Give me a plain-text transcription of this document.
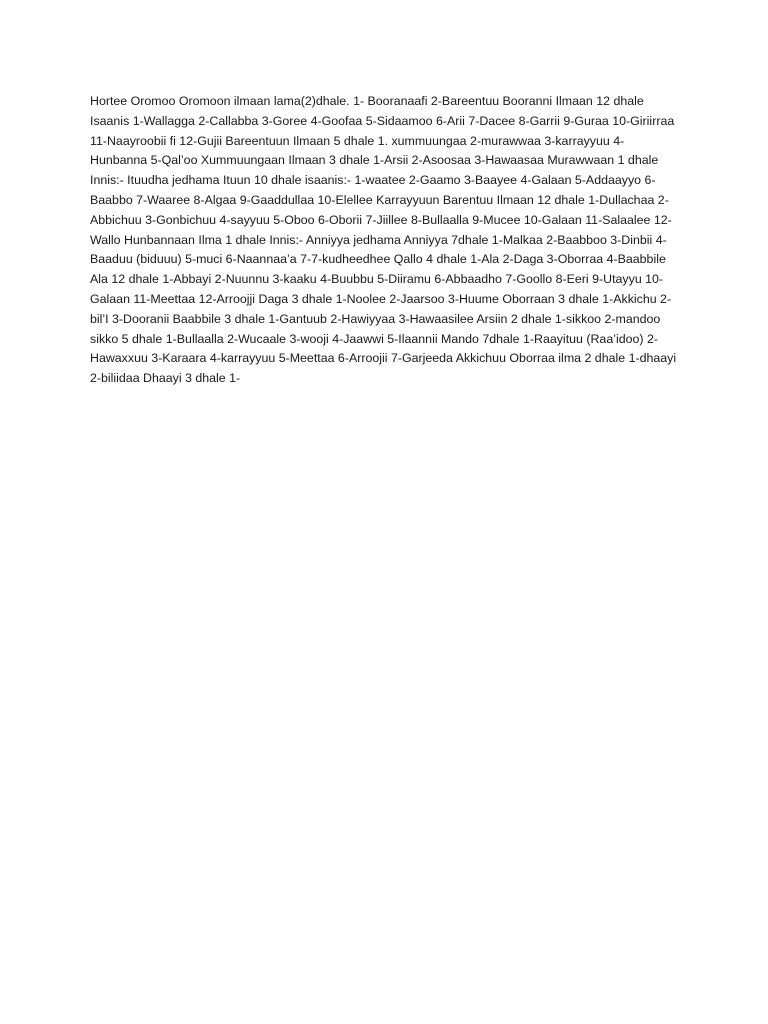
Hortee Oromoo Oromoon ilmaan lama(2)dhale. 1- Booranaafi 2-Bareentuu Booranni Ilmaan 12 dhale Isaanis 1-Wallagga 2-Callabba 3-Goree 4-Goofaa 5-Sidaamoo 6-Arii 7-Dacee 8-Garrii 9-Guraa 10-Giriirraa 11-Naayroobii fi 12-Gujii Bareentuun Ilmaan 5 dhale 1. xummuungaa 2-murawwaa 3-karrayyuu 4-Hunbanna 5-Qal’oo Xummuungaan Ilmaan 3 dhale 1-Arsii 2-Asoosaa 3-Hawaasaa Murawwaan 1 dhale Innis:- Ituudha jedhama Ituun 10 dhale isaanis:- 1-waatee 2-Gaamo 3-Baayee 4-Galaan 5-Addaayyo 6-Baabbo 7-Waaree 8-Algaa 9-Gaaddullaa 10-Elellee Karrayyuun Barentuu Ilmaan 12 dhale 1-Dullachaa 2-Abbichuu 3-Gonbichuu 4-sayyuu 5-Oboo 6-Oborii 7-Jiillee 8-Bullaalla 9-Mucee 10-Galaan 11-Salaalee 12-Wallo Hunbannaan Ilma 1 dhale Innis:- Anniyya jedhama Anniyya 7dhale 1-Malkaa 2-Baabboo 3-Dinbii 4-Baaduu (biduuu) 5-muci 6-Naannaa’a 7-7-kudheedhee Qallo 4 dhale 1-Ala 2-Daga 3-Oborraa 4-Baabbile Ala 12 dhale 1-Abbayi 2-Nuunnu 3-kaaku 4-Buubbu 5-Diiramu 6-Abbaadho 7-Goollo 8-Eeri 9-Utayyu 10-Galaan 11-Meettaa 12-Arroojji Daga 3 dhale 1-Noolee 2-Jaarsoo 3-Huume Oborraan 3 dhale 1-Akkichu 2-bil’I 3-Dooranii Baabbile 3 dhale 1-Gantuub 2-Hawiyyaa 3-Hawaasilee Arsiin 2 dhale 1-sikkoo 2-mandoo sikko 5 dhale 1-Bullaalla 2-Wucaale 3-wooji 4-Jaawwi 5-Ilaannii Mando 7dhale 1-Raayituu (Raa’idoo) 2-Hawaxxuu 3-Karaara 4-karrayyuu 5-Meettaa 6-Arroojii 7-Garjeeda Akkichuu Oborraa ilma 2 dhale 1-dhaayi 2-biliidaa Dhaayi 3 dhale 1-
